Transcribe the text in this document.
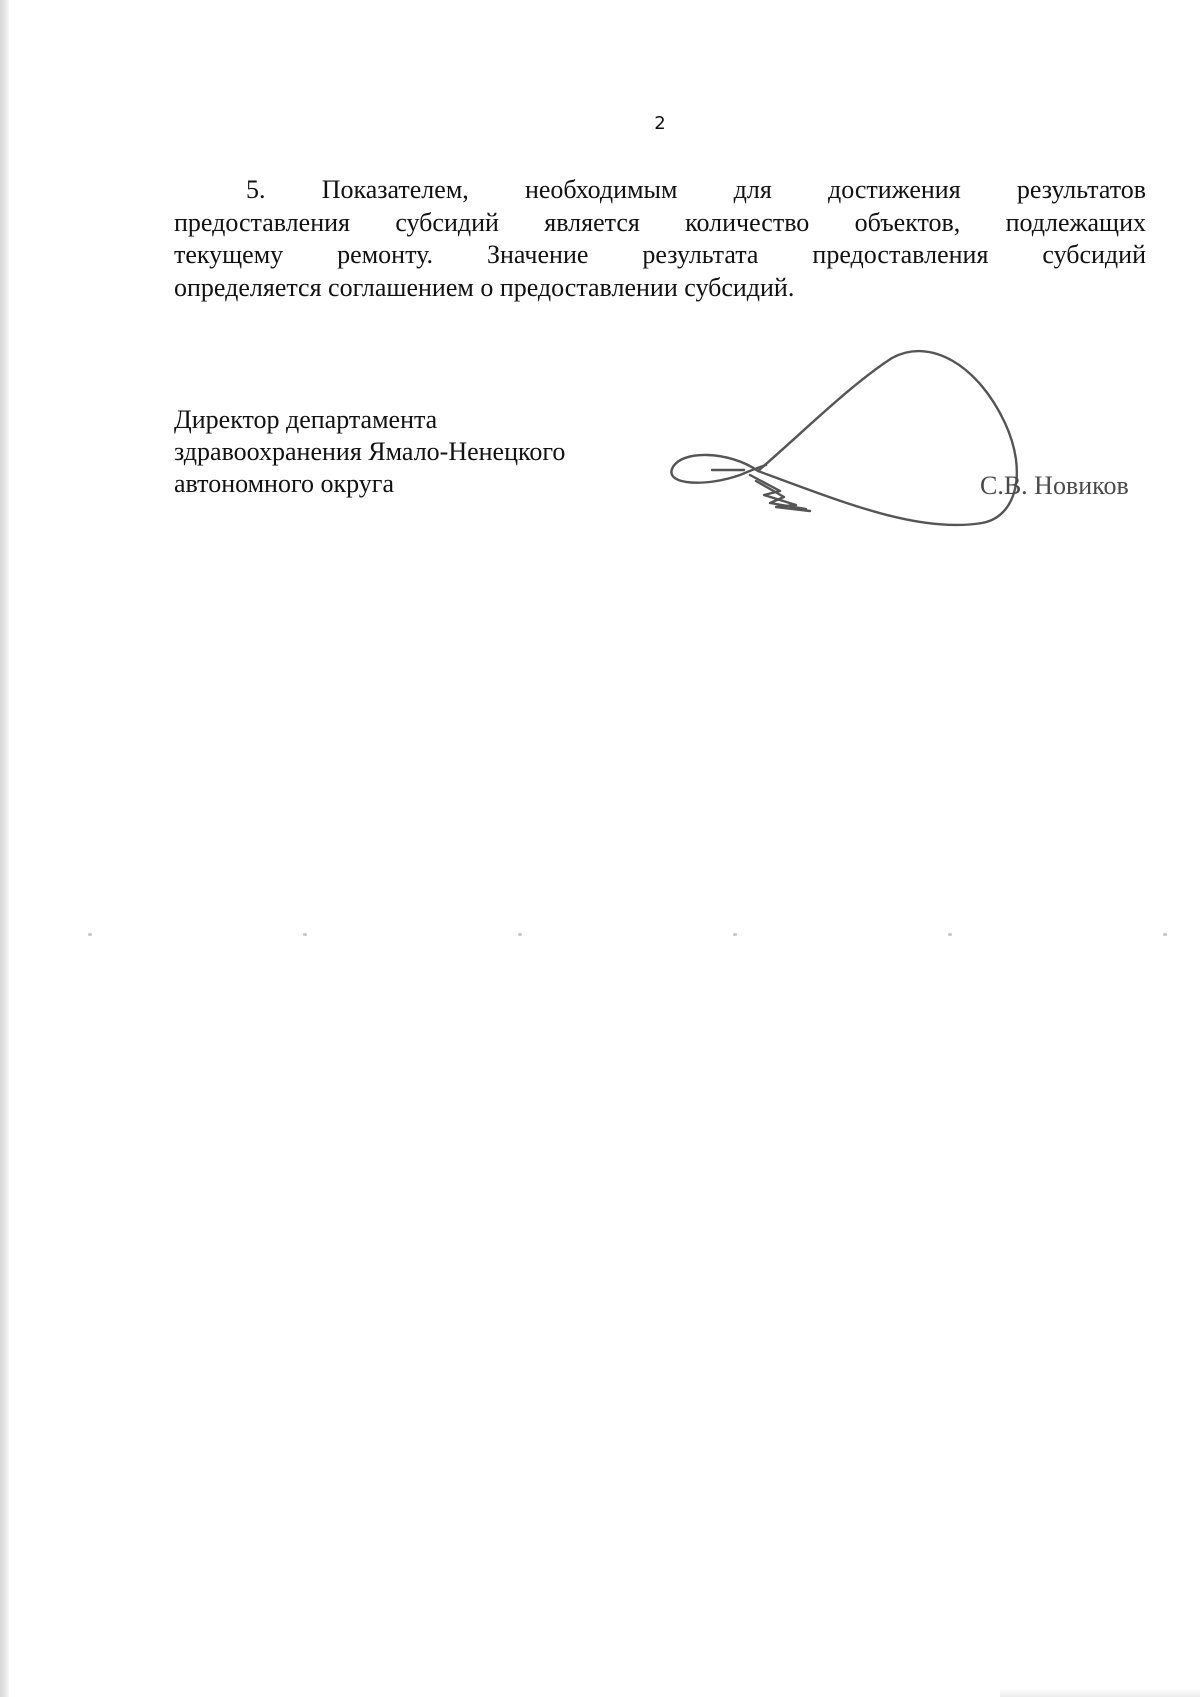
2
5. Показателем, необходимым для достижения результатов
предоставления субсидий является количество объектов, подлежащих
текущему ремонту. Значение результата предоставления субсидий
определяется соглашением о предоставлении субсидий.
Директор департамента
здравоохранения Ямало-Ненецкого
автономного округа	С.В. Новиков
